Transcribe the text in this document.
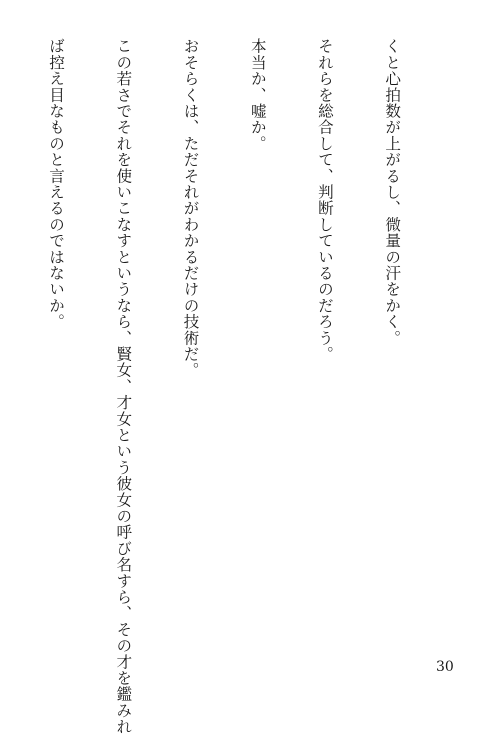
くと心拍数が上がるし、微量の汗をかく。

それらを総合して、判断しているのだろう。

本当か、嘘か。

おそらくは、ただそれがわかるだけの技術だ。

この若さでそれを使いこなすというなら、賢女、才女という彼女の呼び名すら、その才を鑑みれ

ば控え目なものと言えるのではないか。

30
